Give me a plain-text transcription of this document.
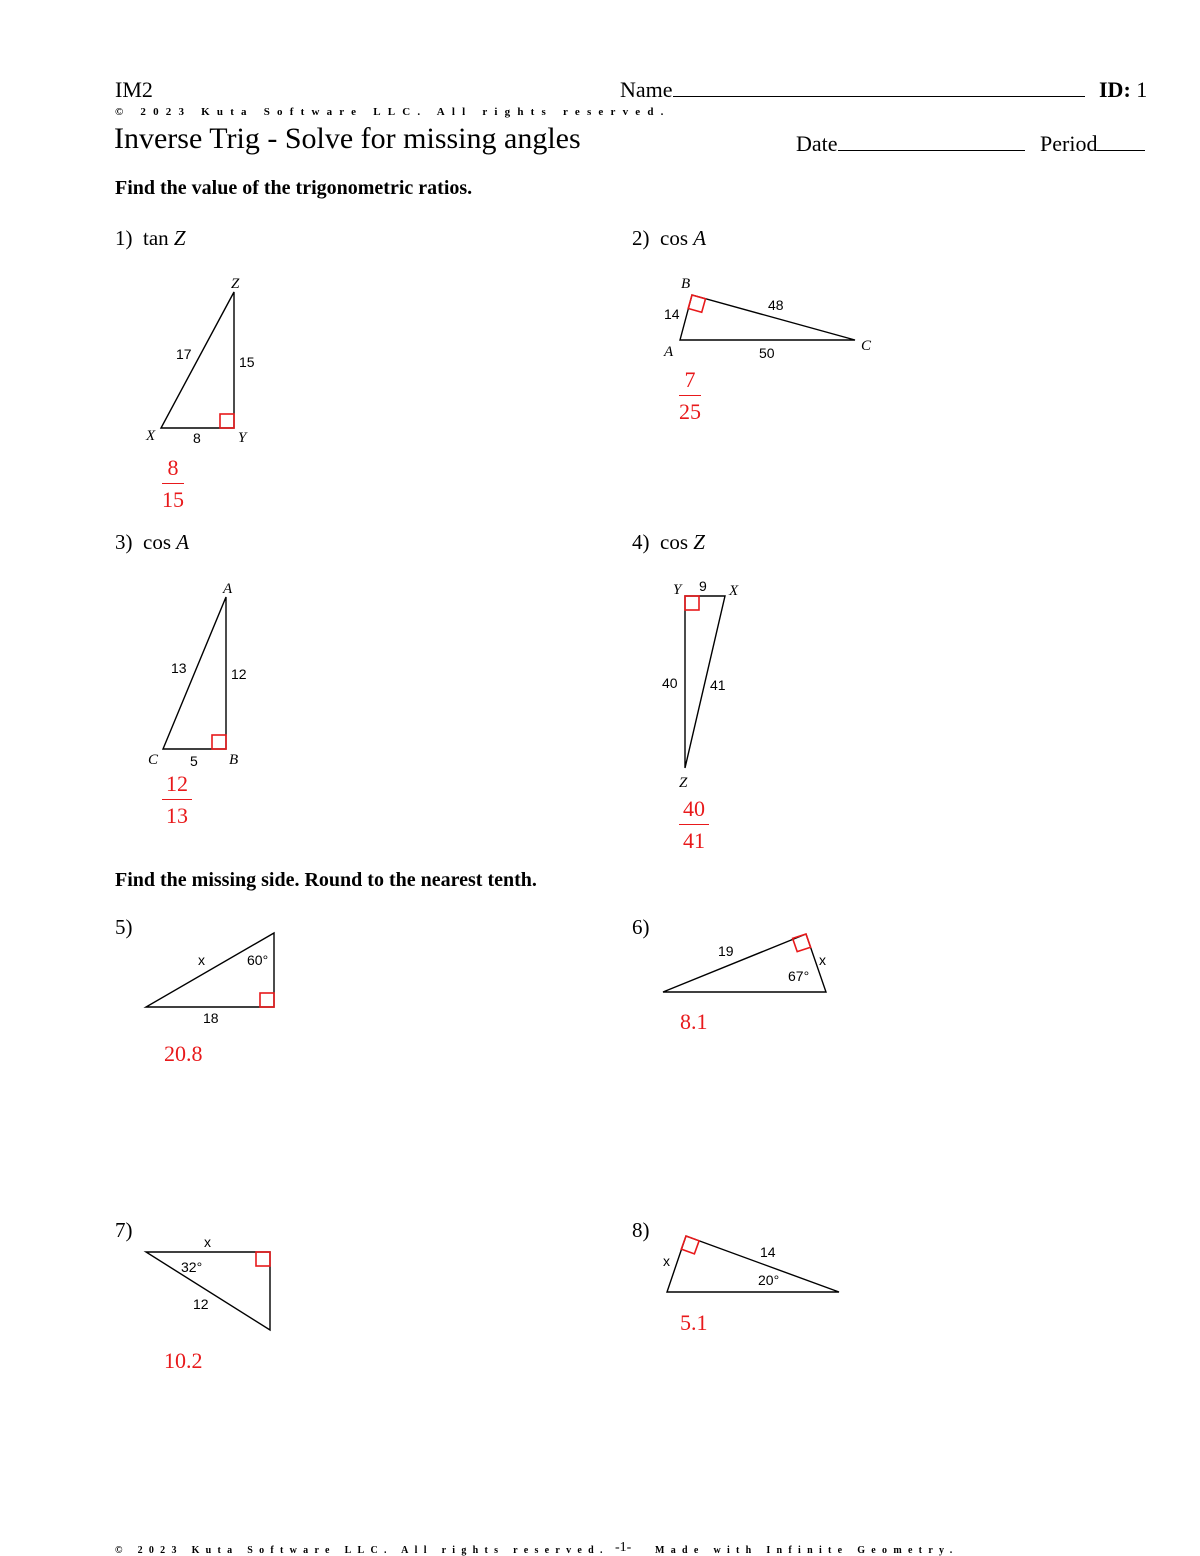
IM2	Name	ID: 1
© 2023 Kuta Software LLC. All rights reserved.
Inverse Trig - Solve for missing angles	Date	Period
Find the value of the trigonometric ratios.
1) tan Z
Z
X	Y
17	15
8
$\frac{8}{15}$
2) cos A
B
A	C
14
48
50
$\frac{7}{25}$
3) cos A
A
C	B
13	12
5
$\frac{12}{13}$
4) cos Z
Y	X
Z
9
40 41
$\frac{40}{41}$
Find the missing side. Round to the nearest tenth.
5)
x	60°
18
20.8
6)
19
x
67°
8.1
7)	x
32°
12
10.2
8)
x
14
20°
5.1
© 2023 Kuta Software LLC. All rights reserved. -1- Made with Infinite Geometry.
